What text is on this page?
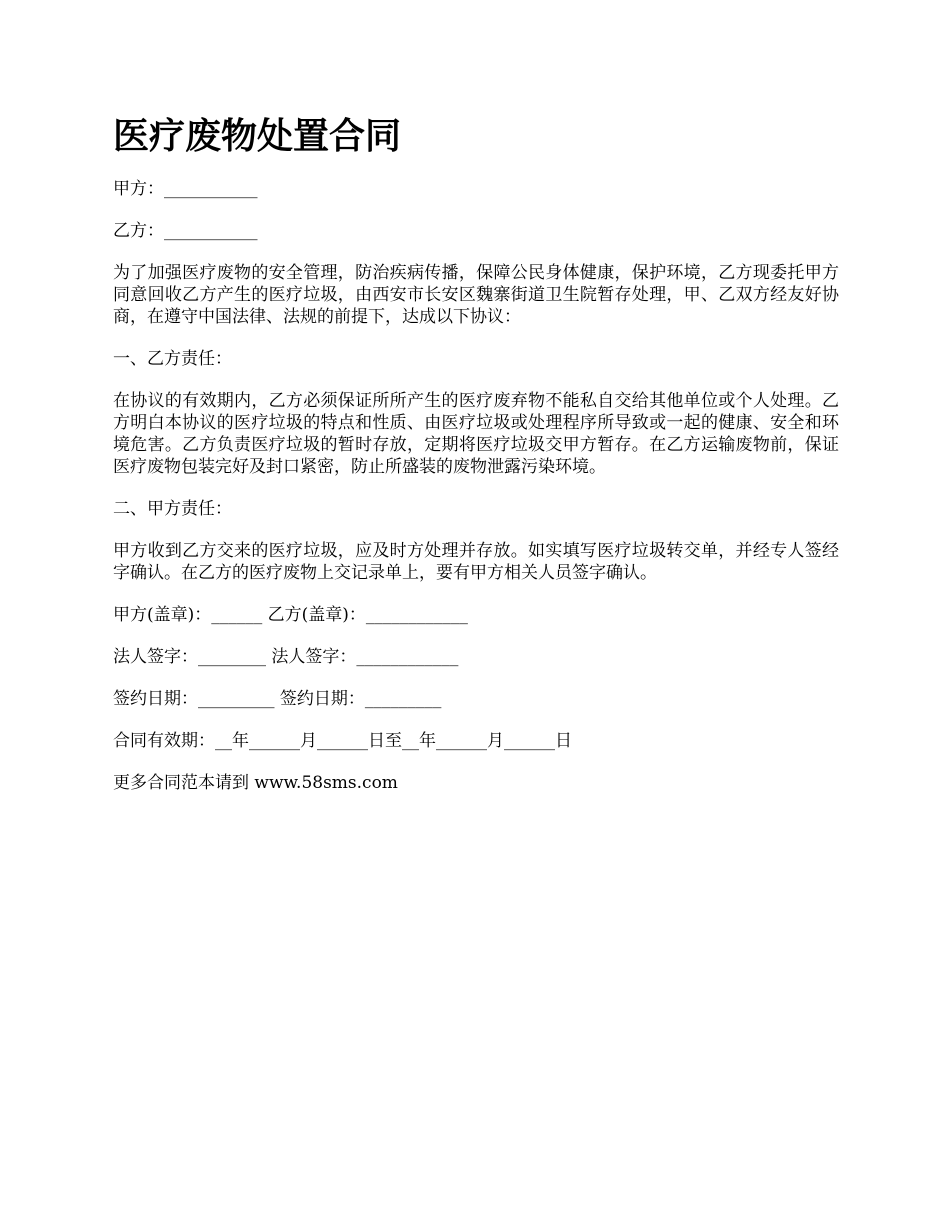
医疗废物处置合同

甲方：___________

乙方：___________

为了加强医疗废物的安全管理，防治疾病传播，保障公民身体健康，保护环境，乙方现委托甲方同意回收乙方产生的医疗垃圾，由西安市长安区魏寨街道卫生院暂存处理，甲、乙双方经友好协商，在遵守中国法律、法规的前提下，达成以下协议：

一、乙方责任：

在协议的有效期内，乙方必须保证所所产生的医疗废弃物不能私自交给其他单位或个人处理。乙方明白本协议的医疗垃圾的特点和性质、由医疗垃圾或处理程序所导致或一起的健康、安全和环境危害。乙方负责医疗垃圾的暂时存放，定期将医疗垃圾交甲方暂存。在乙方运输废物前，保证医疗废物包装完好及封口紧密，防止所盛装的废物泄露污染环境。

二、甲方责任：

甲方收到乙方交来的医疗垃圾，应及时方处理并存放。如实填写医疗垃圾转交单，并经专人签经字确认。在乙方的医疗废物上交记录单上，要有甲方相关人员签字确认。

甲方(盖章)：______ 乙方(盖章)：____________

法人签字：________ 法人签字：____________

签约日期：_________ 签约日期：_________

合同有效期：__年______月______日至__年______月______日

更多合同范本请到 www.58sms.com
